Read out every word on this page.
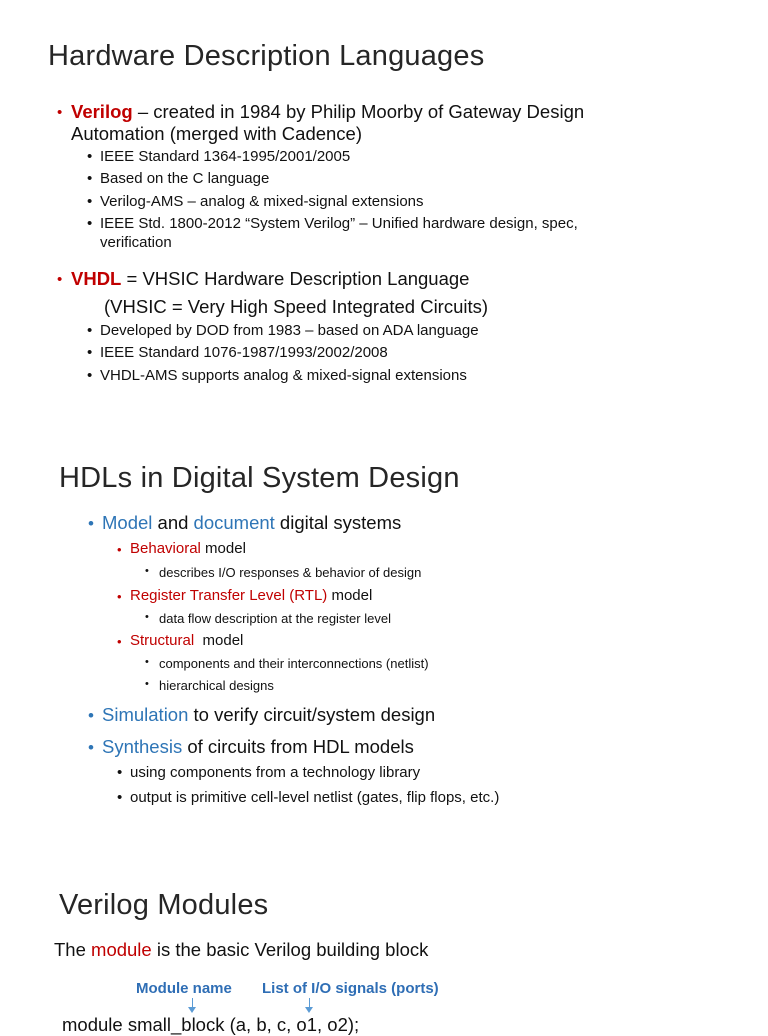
Hardware Description Languages
• Verilog – created in 1984 by Philip Moorby of Gateway Design
Automation (merged with Cadence)
• IEEE Standard 1364-1995/2001/2005
• Based on the C language
• Verilog-AMS – analog & mixed-signal extensions
• IEEE Std. 1800-2012 “System Verilog” – Unified hardware design, spec,
verification
• VHDL = VHSIC Hardware Description Language
(VHSIC = Very High Speed Integrated Circuits)
• Developed by DOD from 1983 – based on ADA language
• IEEE Standard 1076-1987/1993/2002/2008
• VHDL-AMS supports analog & mixed-signal extensions
HDLs in Digital System Design
• Model and document digital systems
• Behavioral model
• describes I/O responses & behavior of design
• Register Transfer Level (RTL) model
• data flow description at the register level
• Structural  model
• components and their interconnections (netlist)
• hierarchical designs
• Simulation to verify circuit/system design
• Synthesis of circuits from HDL models
• using components from a technology library
• output is primitive cell-level netlist (gates, flip flops, etc.)
Verilog Modules
The module is the basic Verilog building block
Module name List of I/O signals (ports)
module small_block (a, b, c, o1, o2);
